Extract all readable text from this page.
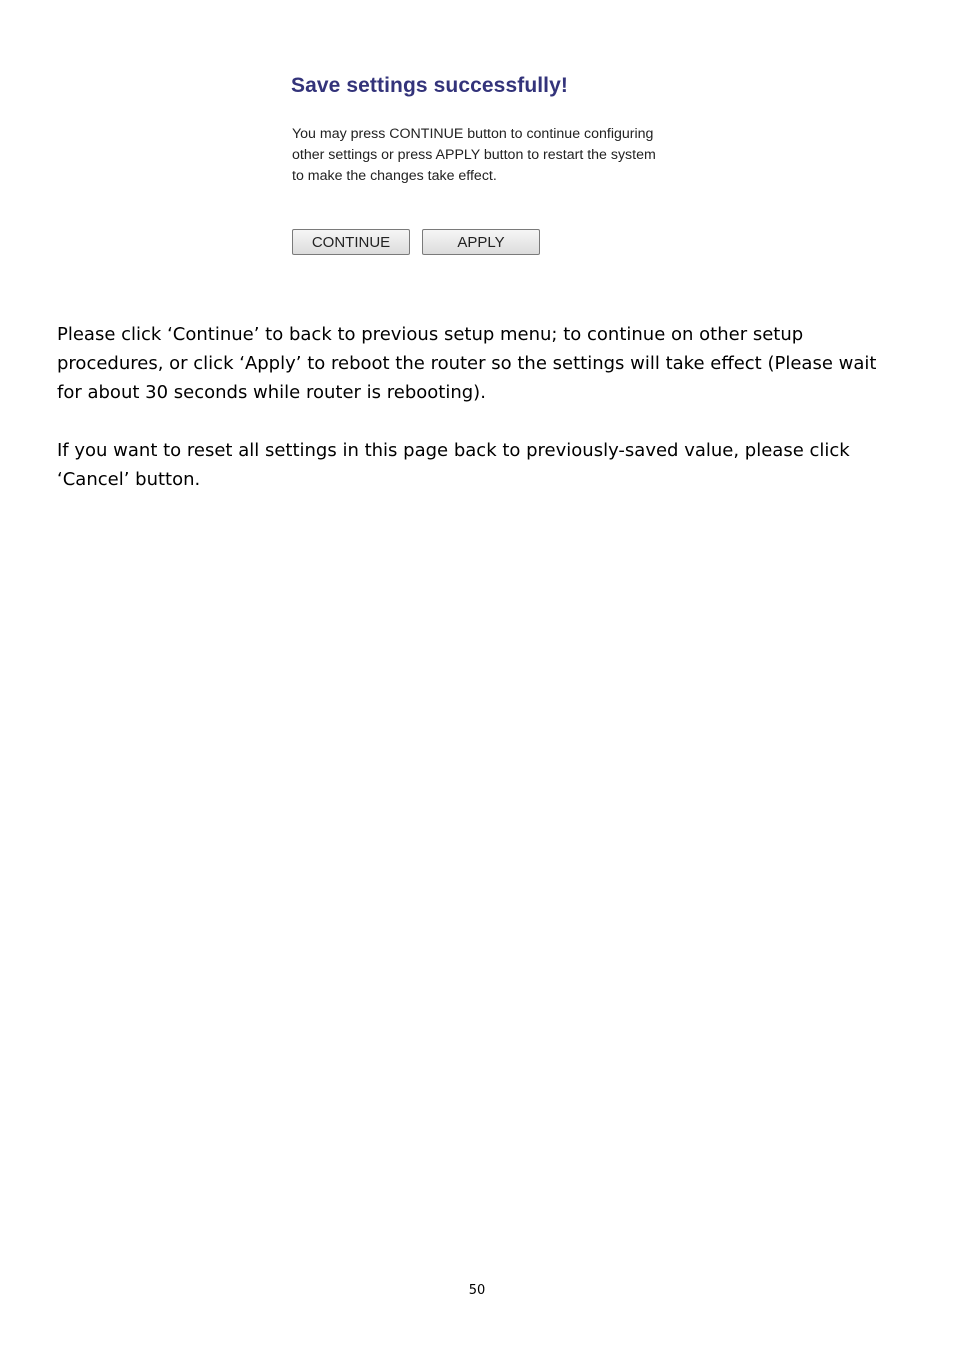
Save settings successfully!

You may press CONTINUE button to continue configuring other settings or press APPLY button to restart the system to make the changes take effect.

CONTINUE	APPLY

Please click ‘Continue’ to back to previous setup menu; to continue on other setup procedures, or click ‘Apply’ to reboot the router so the settings will take effect (Please wait for about 30 seconds while router is rebooting).

If you want to reset all settings in this page back to previously-saved value, please click ‘Cancel’ button.

50
